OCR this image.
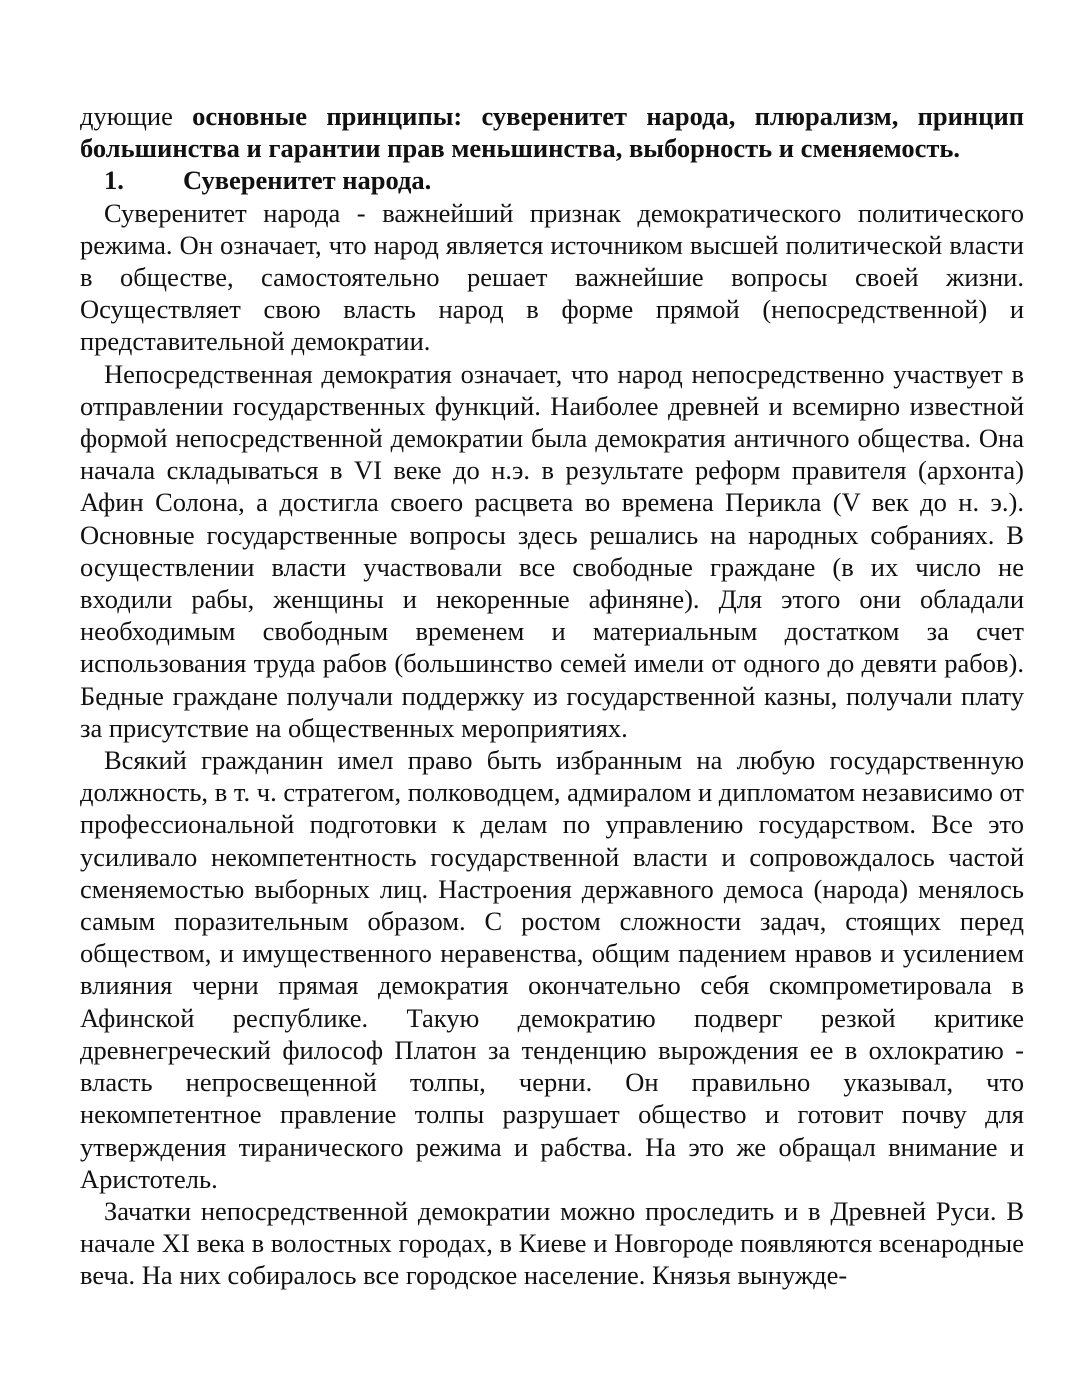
дующие основные принципы: суверенитет народа, плюрализм, принцип большинства и гарантии прав меньшинства, выборность и сменяемость.

1. Суверенитет народа.

Суверенитет народа - важнейший признак демократического политического режима. Он означает, что народ является источником высшей политической власти в обществе, самостоятельно решает важнейшие вопросы своей жизни. Осуществляет свою власть народ в форме прямой (непосредственной) и представительной демократии.

Непосредственная демократия означает, что народ непосредственно участвует в отправлении государственных функций. Наиболее древней и всемирно известной формой непосредственной демократии была демократия античного общества. Она начала складываться в VI веке до н.э. в результате реформ правителя (архонта) Афин Солона, а достигла своего расцвета во времена Перикла (V век до н. э.). Основные государственные вопросы здесь решались на народных собраниях. В осуществлении власти участвовали все свободные граждане (в их число не входили рабы, женщины и некоренные афиняне). Для этого они обладали необходимым свободным временем и материальным достатком за счет использования труда рабов (большинство семей имели от одного до девяти рабов). Бедные граждане получали поддержку из государственной казны, получали плату за присутствие на общественных мероприятиях.

Всякий гражданин имел право быть избранным на любую государственную должность, в т. ч. стратегом, полководцем, адмиралом и дипломатом независимо от профессиональной подготовки к делам по управлению государством. Все это усиливало некомпетентность государственной власти и сопровождалось частой сменяемостью выборных лиц. Настроения державного демоса (народа) менялось самым поразительным образом. С ростом сложности задач, стоящих перед обществом, и имущественного неравенства, общим падением нравов и усилением влияния черни прямая демократия окончательно себя скомпрометировала в Афинской республике. Такую демократию подверг резкой критике древнегреческий философ Платон за тенденцию вырождения ее в охлократию - власть непросвещенной толпы, черни. Он правильно указывал, что некомпетентное правление толпы разрушает общество и готовит почву для утверждения тиранического режима и рабства. На это же обращал внимание и Аристотель.

Зачатки непосредственной демократии можно проследить и в Древней Руси. В начале XI века в волостных городах, в Киеве и Новгороде появляются всенародные веча. На них собиралось все городское население. Князья вынужде-
